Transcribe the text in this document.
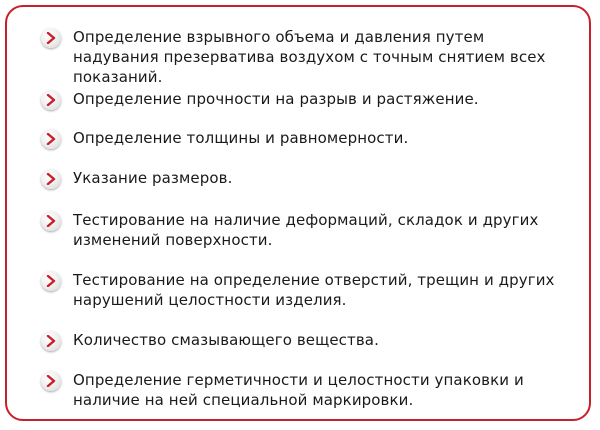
Определение взрывного объема и давления путем надувания презерватива воздухом с точным снятием всех показаний.
Определение прочности на разрыв и растяжение.
Определение толщины и равномерности.
Указание размеров.
Тестирование на наличие деформаций, складок и других изменений поверхности.
Тестирование на определение отверстий, трещин и других нарушений целостности изделия.
Количество смазывающего вещества.
Определение герметичности и целостности упаковки и наличие на ней специальной маркировки.
